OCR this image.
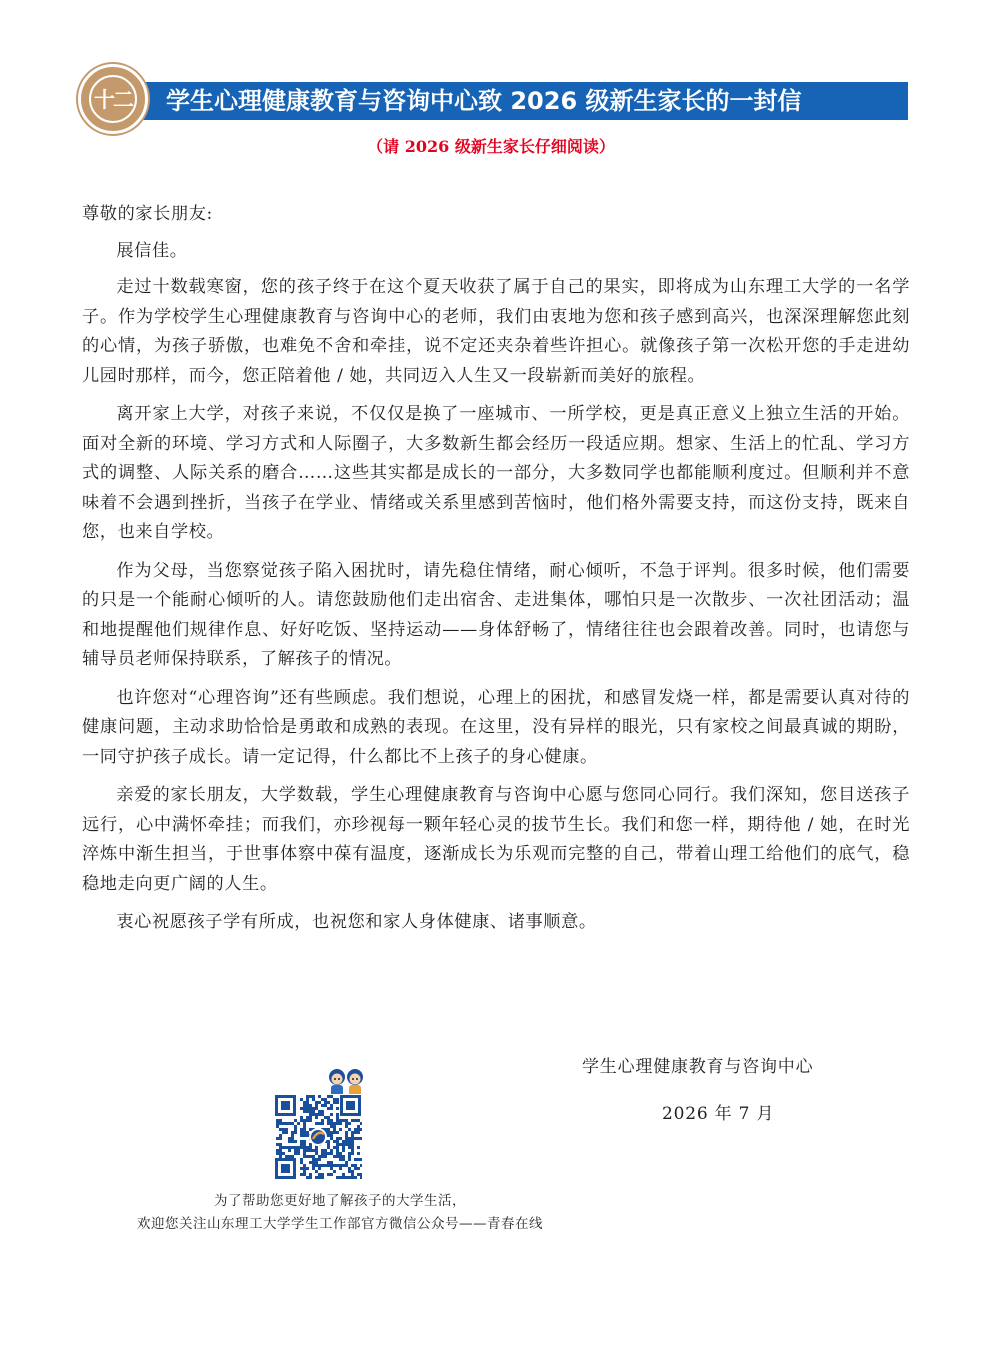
学生心理健康教育与咨询中心致 2026 级新生家长的一封信
十二
（请 2026 级新生家长仔细阅读）

尊敬的家长朋友:

展信佳。

走过十数载寒窗，您的孩子终于在这个夏天收获了属于自己的果实，即将成为山东理工大学的一名学子。作为学校学生心理健康教育与咨询中心的老师，我们由衷地为您和孩子感到高兴，也深深理解您此刻的心情，为孩子骄傲，也难免不舍和牵挂，说不定还夹杂着些许担心。就像孩子第一次松开您的手走进幼儿园时那样，而今，您正陪着他 / 她，共同迈入人生又一段崭新而美好的旅程。

离开家上大学，对孩子来说，不仅仅是换了一座城市、一所学校，更是真正意义上独立生活的开始。面对全新的环境、学习方式和人际圈子，大多数新生都会经历一段适应期。想家、生活上的忙乱、学习方式的调整、人际关系的磨合……这些其实都是成长的一部分，大多数同学也都能顺利度过。但顺利并不意味着不会遇到挫折，当孩子在学业、情绪或关系里感到苦恼时，他们格外需要支持，而这份支持，既来自您，也来自学校。

作为父母，当您察觉孩子陷入困扰时，请先稳住情绪，耐心倾听，不急于评判。很多时候，他们需要的只是一个能耐心倾听的人。请您鼓励他们走出宿舍、走进集体，哪怕只是一次散步、一次社团活动；温和地提醒他们规律作息、好好吃饭、坚持运动——身体舒畅了，情绪往往也会跟着改善。同时，也请您与辅导员老师保持联系，了解孩子的情况。

也许您对“心理咨询”还有些顾虑。我们想说，心理上的困扰，和感冒发烧一样，都是需要认真对待的健康问题，主动求助恰恰是勇敢和成熟的表现。在这里，没有异样的眼光，只有家校之间最真诚的期盼，一同守护孩子成长。请一定记得，什么都比不上孩子的身心健康。

亲爱的家长朋友，大学数载，学生心理健康教育与咨询中心愿与您同心同行。我们深知，您目送孩子远行，心中满怀牵挂；而我们，亦珍视每一颗年轻心灵的拔节生长。我们和您一样，期待他 / 她，在时光淬炼中渐生担当，于世事体察中葆有温度，逐渐成长为乐观而完整的自己，带着山理工给他们的底气，稳稳地走向更广阔的人生。

衷心祝愿孩子学有所成，也祝您和家人身体健康、诸事顺意。

学生心理健康教育与咨询中心

2026 年 7 月

为了帮助您更好地了解孩子的大学生活，
欢迎您关注山东理工大学学生工作部官方微信公众号——青春在线
